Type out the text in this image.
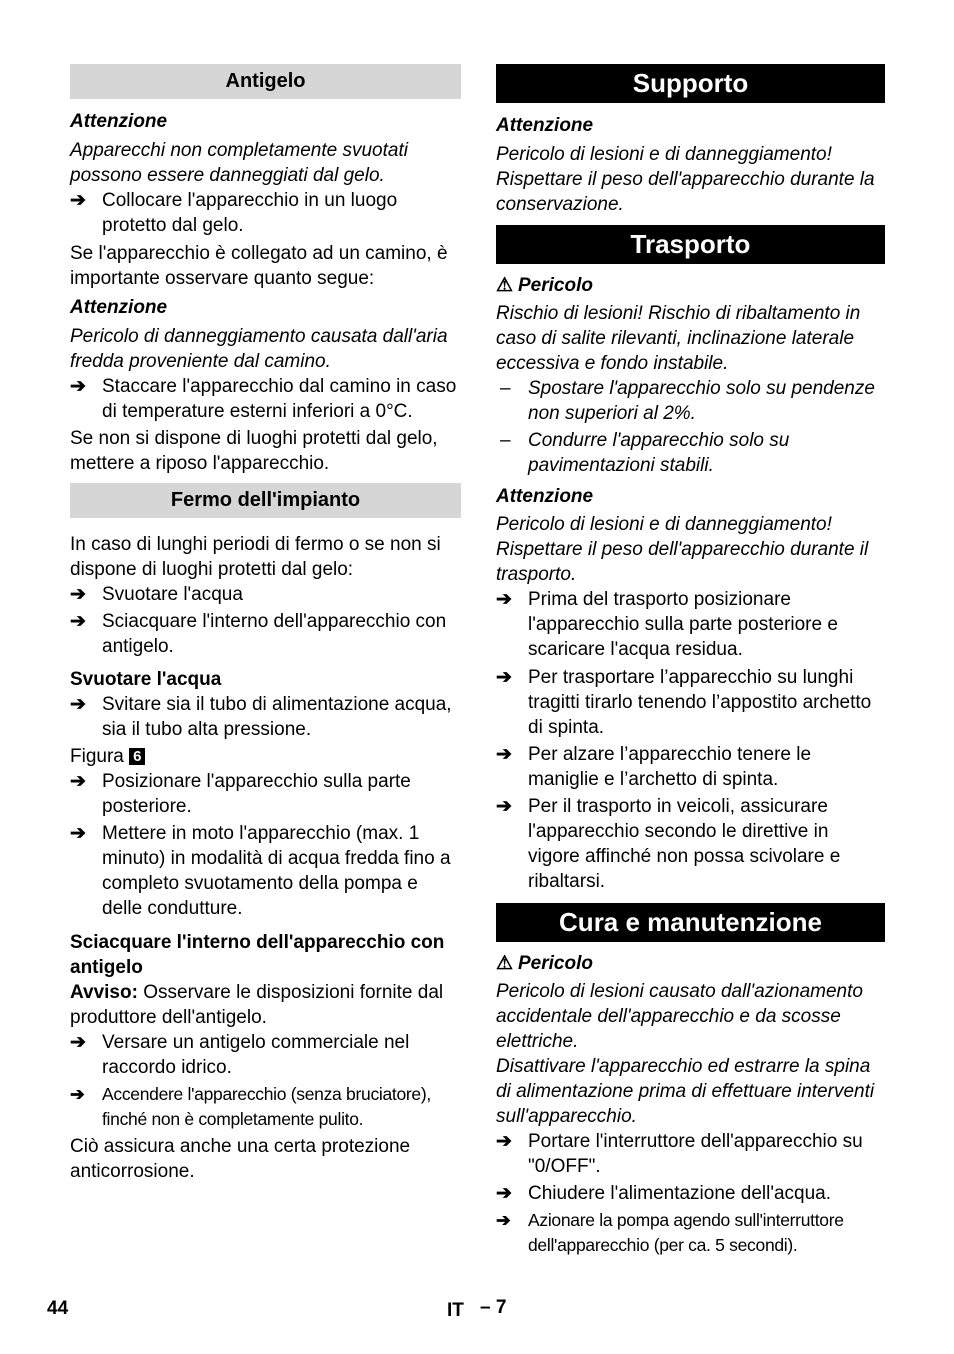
Antigelo
Attenzione

Apparecchi non completamente svuotati possono essere danneggiati dal gelo.

➔ Collocare l'apparecchio in un luogo protetto dal gelo.

Se l'apparecchio è collegato ad un camino, è importante osservare quanto segue:

Attenzione

Pericolo di danneggiamento causata dall'aria fredda proveniente dal camino.

➔ Staccare l'apparecchio dal camino in caso di temperature esterni inferiori a 0°C.

Se non si dispone di luoghi protetti dal gelo, mettere a riposo l'apparecchio.

Fermo dell'impianto

In caso di lunghi periodi di fermo o se non si dispone di luoghi protetti dal gelo:

➔ Svuotare l'acqua
➔ Sciacquare l'interno dell'apparecchio con antigelo.
Svuotare l'acqua
➔ Svitare sia il tubo di alimentazione acqua, sia il tubo alta pressione.

Figura 6

➔ Posizionare l'apparecchio sulla parte posteriore.
➔ Mettere in moto l'apparecchio (max. 1 minuto) in modalità di acqua fredda fino a completo svuotamento della pompa e delle condutture.
Sciacquare l'interno dell'apparecchio con antigelo

Avviso: Osservare le disposizioni fornite dal produttore dell'antigelo.

➔ Versare un antigelo commerciale nel raccordo idrico.
➔ Accendere l'apparecchio (senza bruciatore), finché non è completamente pulito.

Ciò assicura anche una certa protezione anticorrosione.

Supporto
Attenzione

Pericolo di lesioni e di danneggiamento! Rispettare il peso dell'apparecchio durante la conservazione.

Trasporto
⚠ Pericolo

Rischio di lesioni! Rischio di ribaltamento in caso di salite rilevanti, inclinazione laterale eccessiva e fondo instabile.

– Spostare l'apparecchio solo su pendenze non superiori al 2%.
– Condurre l'apparecchio solo su pavimentazioni stabili.
Attenzione

Pericolo di lesioni e di danneggiamento! Rispettare il peso dell'apparecchio durante il trasporto.

➔ Prima del trasporto posizionare l'apparecchio sulla parte posteriore e scaricare l'acqua residua.
➔ Per trasportare l’apparecchio su lunghi tragitti tirarlo tenendo l’appostito archetto di spinta.
➔ Per alzare l’apparecchio tenere le maniglie e l’archetto di spinta.
➔ Per il trasporto in veicoli, assicurare l'apparecchio secondo le direttive in vigore affinché non possa scivolare e ribaltarsi.
Cura e manutenzione
⚠ Pericolo

Pericolo di lesioni causato dall'azionamento accidentale dell'apparecchio e da scosse elettriche.

Disattivare l'apparecchio ed estrarre la spina di alimentazione prima di effettuare interventi sull'apparecchio.

➔ Portare l'interruttore dell'apparecchio su "0/OFF".
➔ Chiudere l'alimentazione dell'acqua.
➔ Azionare la pompa agendo sull'interruttore dell'apparecchio (per ca. 5 secondi).
44	IT – 7
